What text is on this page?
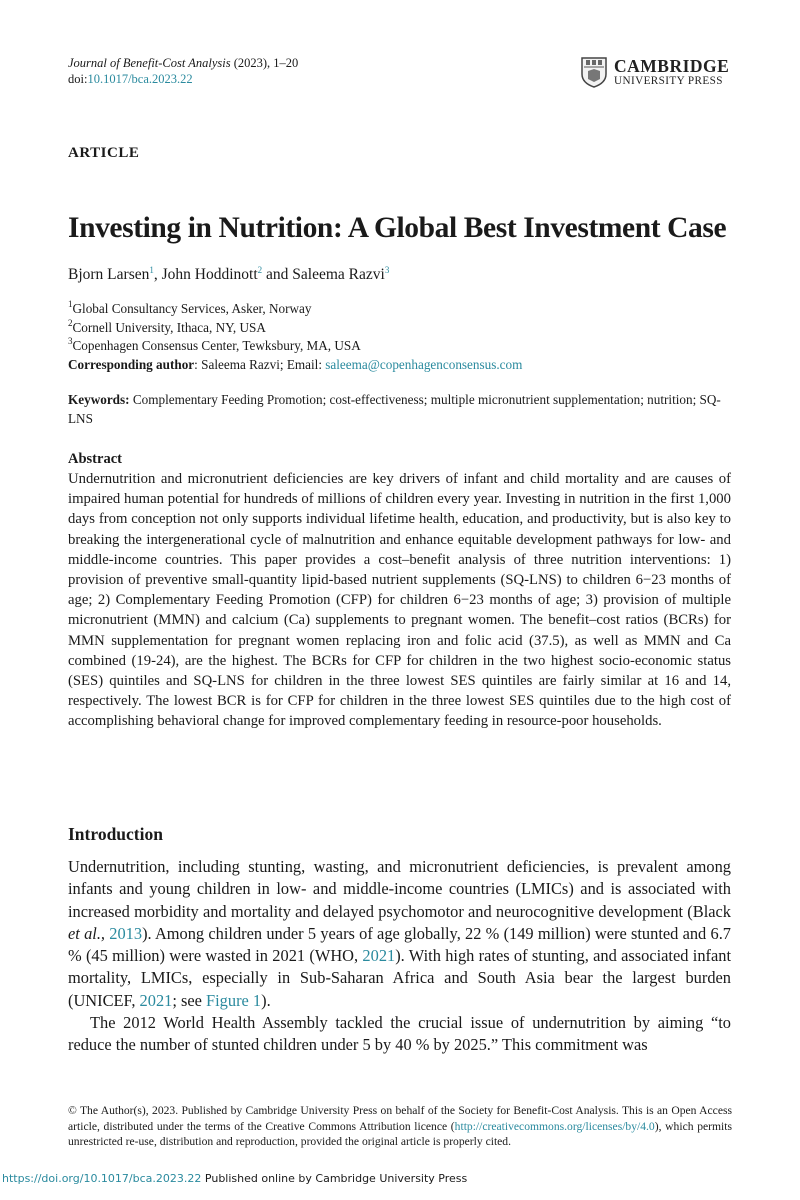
Journal of Benefit-Cost Analysis (2023), 1–20
doi:10.1017/bca.2023.22
CAMBRIDGE
UNIVERSITY PRESS
ARTICLE
Investing in Nutrition: A Global Best Investment Case
Bjorn Larsen$^1$, John Hoddinott$^2$ and Saleema Razvi$^3$
$^1$Global Consultancy Services, Asker, Norway
$^2$Cornell University, Ithaca, NY, USA
$^3$Copenhagen Consensus Center, Tewksbury, MA, USA
Corresponding author: Saleema Razvi; Email: saleema@copenhagenconsensus.com
Keywords: Complementary Feeding Promotion; cost-effectiveness; multiple micronutrient supplementation; nutrition; SQ-LNS
Abstract
Undernutrition and micronutrient deficiencies are key drivers of infant and child mortality and are causes of impaired human potential for hundreds of millions of children every year. Investing in nutrition in the first 1,000 days from conception not only supports individual lifetime health, education, and productivity, but is also key to breaking the intergenerational cycle of malnutrition and enhance equitable development pathways for low- and middle-income countries. This paper provides a cost–benefit analysis of three nutrition interventions: 1) provision of preventive small-quantity lipid-based nutrient supplements (SQ-LNS) to children 6−23 months of age; 2) Complementary Feeding Promotion (CFP) for children 6−23 months of age; 3) provision of multiple micronutrient (MMN) and calcium (Ca) supplements to pregnant women. The benefit–cost ratios (BCRs) for MMN supplementation for pregnant women replacing iron and folic acid (37.5), as well as MMN and Ca combined (19-24), are the highest. The BCRs for CFP for children in the two highest socio-economic status (SES) quintiles and SQ-LNS for children in the three lowest SES quintiles are fairly similar at 16 and 14, respectively. The lowest BCR is for CFP for children in the three lowest SES quintiles due to the high cost of accomplishing behavioral change for improved complementary feeding in resource-poor households.
Introduction

Undernutrition, including stunting, wasting, and micronutrient deficiencies, is prevalent among infants and young children in low- and middle-income countries (LMICs) and is associated with increased morbidity and mortality and delayed psychomotor and neurocognitive development (Black et al., 2013). Among children under 5 years of age globally, 22 % (149 million) were stunted and 6.7 % (45 million) were wasted in 2021 (WHO, 2021). With high rates of stunting, and associated infant mortality, LMICs, especially in Sub-Saharan Africa and South Asia bear the largest burden (UNICEF, 2021; see Figure 1).

The 2012 World Health Assembly tackled the crucial issue of undernutrition by aiming “to reduce the number of stunted children under 5 by 40 % by 2025.” This commitment was

© The Author(s), 2023. Published by Cambridge University Press on behalf of the Society for Benefit-Cost Analysis. This is an Open Access article, distributed under the terms of the Creative Commons Attribution licence (http://creativecommons.org/licenses/by/4.0), which permits unrestricted re-use, distribution and reproduction, provided the original article is properly cited.
https://doi.org/10.1017/bca.2023.22 Published online by Cambridge University Press
